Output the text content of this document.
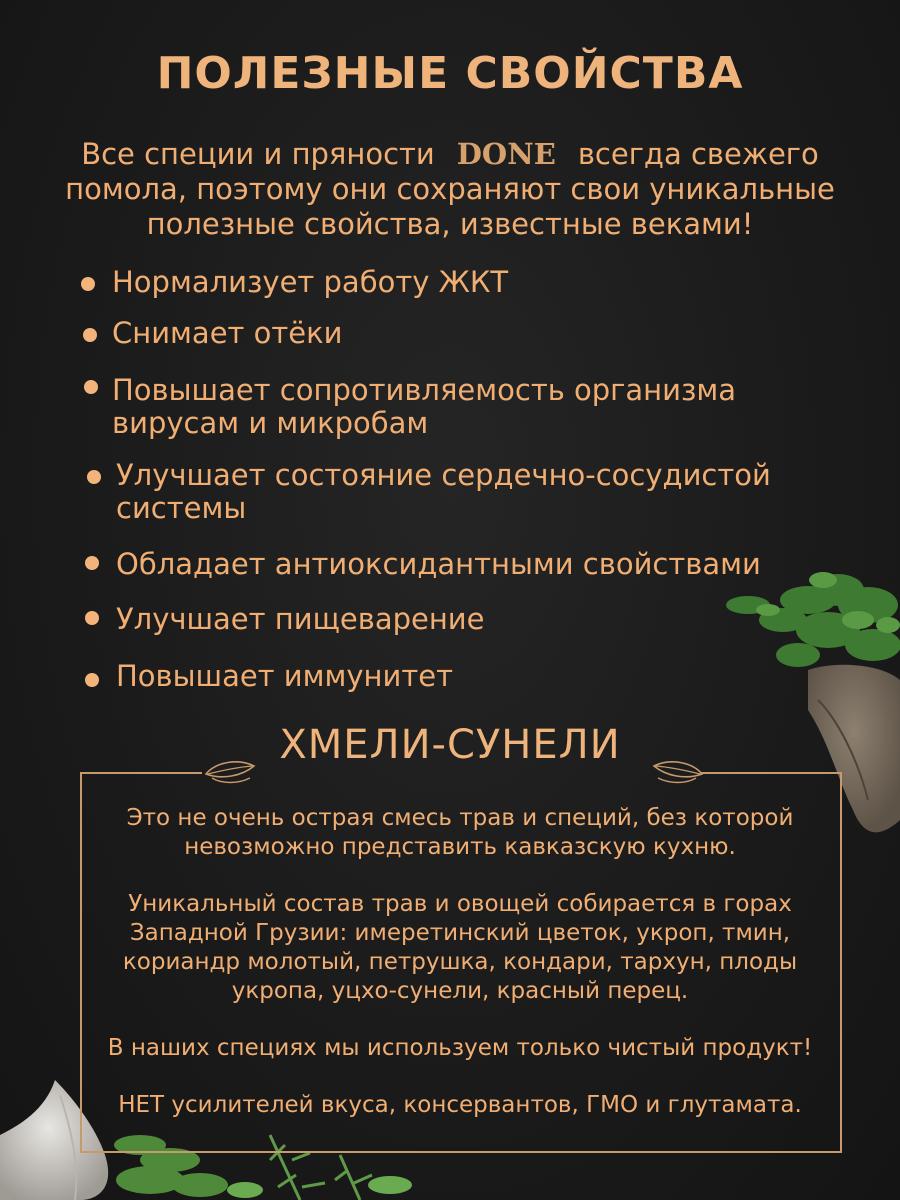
ПОЛЕЗНЫЕ СВОЙСТВА
Все специи и пряности DONE всегда свежего помола, поэтому они сохраняют свои уникальные полезные свойства, известные веками!
Нормализует работу ЖКТ
Снимает отёки
Повышает сопротивляемость организма
вирусам и микробам
Улучшает состояние сердечно-сосудистой
системы
Обладает антиоксидантными свойствами
Улучшает пищеварение
Повышает иммунитет
ХМЕЛИ-СУНЕЛИ

Это не очень острая смесь трав и специй, без которой
невозможно представить кавказскую кухню.

Уникальный состав трав и овощей собирается в горах
Западной Грузии: имеретинский цветок, укроп, тмин,
кориандр молотый, петрушка, кондари, тархун, плоды
укропа, уцхо-сунели, красный перец.

В наших специях мы используем только чистый продукт!

НЕТ усилителей вкуса, консервантов, ГМО и глутамата.
